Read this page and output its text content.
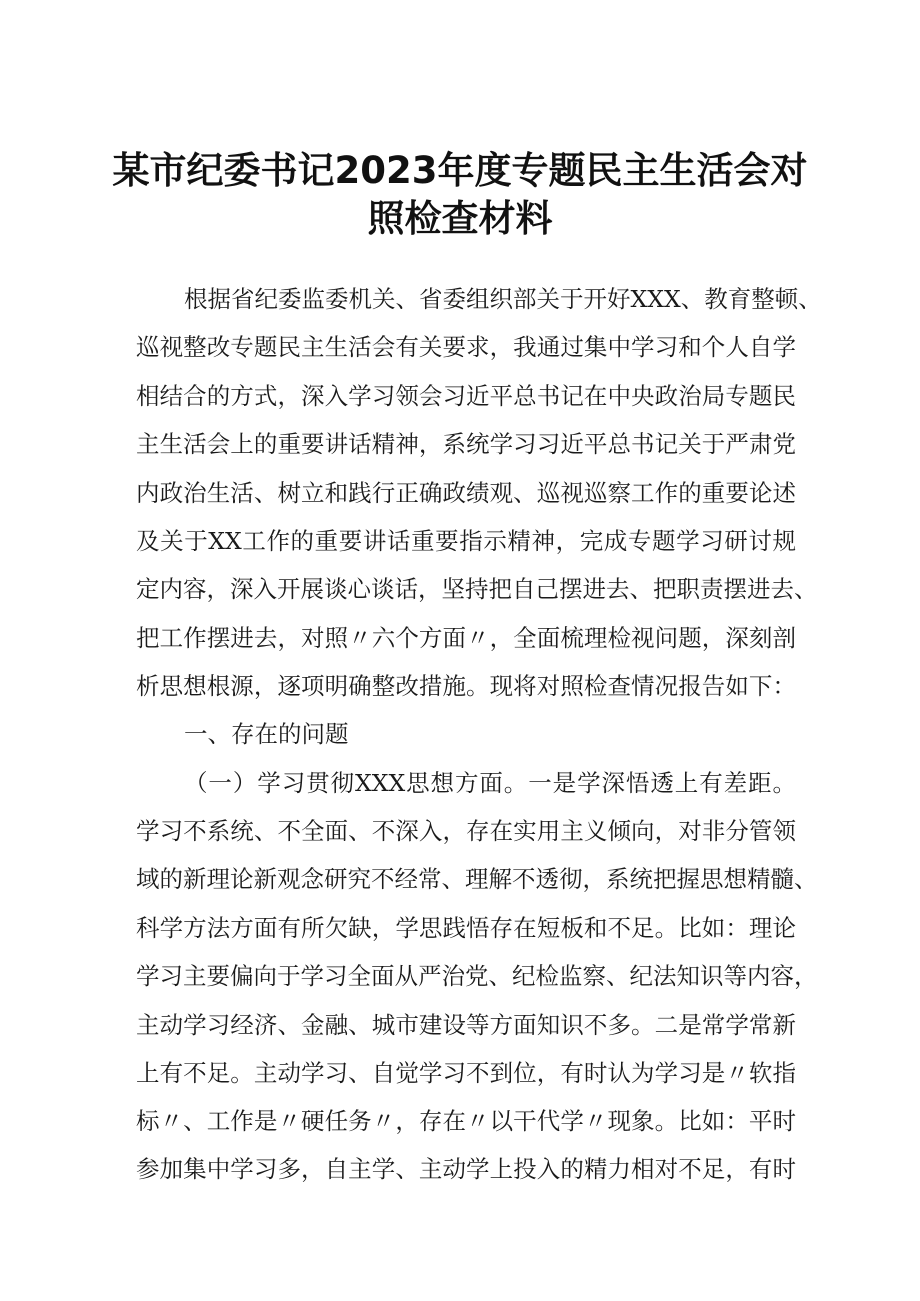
某市纪委书记2023年度专题民主生活会对
照检查材料
根据省纪委监委机关、省委组织部关于开好XXX、教育整顿、
巡视整改专题民主生活会有关要求，我通过集中学习和个人自学
相结合的方式，深入学习领会习近平总书记在中央政治局专题民
主生活会上的重要讲话精神，系统学习习近平总书记关于严肃党
内政治生活、树立和践行正确政绩观、巡视巡察工作的重要论述
及关于XX工作的重要讲话重要指示精神，完成专题学习研讨规
定内容，深入开展谈心谈话，坚持把自己摆进去、把职责摆进去、
把工作摆进去，对照〃六个方面〃，全面梳理检视问题，深刻剖
析思想根源，逐项明确整改措施。现将对照检查情况报告如下：
一、存在的问题
（一）学习贯彻XXX思想方面。一是学深悟透上有差距。
学习不系统、不全面、不深入，存在实用主义倾向，对非分管领
域的新理论新观念研究不经常、理解不透彻，系统把握思想精髓、
科学方法方面有所欠缺，学思践悟存在短板和不足。比如：理论
学习主要偏向于学习全面从严治党、纪检监察、纪法知识等内容，
主动学习经济、金融、城市建设等方面知识不多。二是常学常新
上有不足。主动学习、自觉学习不到位，有时认为学习是〃软指
标〃、工作是〃硬任务〃，存在〃以干代学〃现象。比如：平时
参加集中学习多，自主学、主动学上投入的精力相对不足，有时
